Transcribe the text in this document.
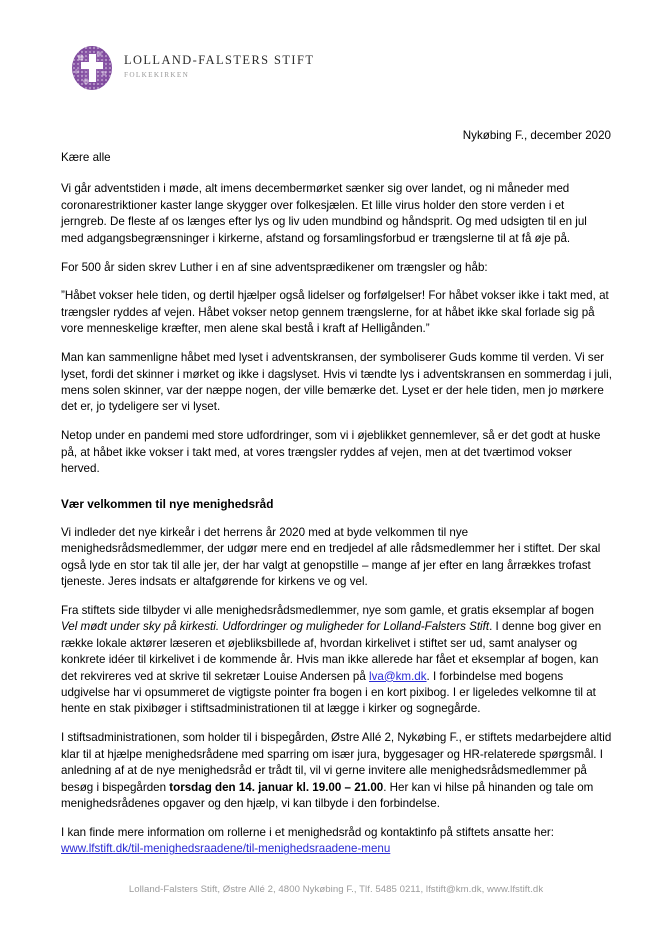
LOLLAND-FALSTERS STIFT
FOLKEKIRKEN
Nykøbing F., december 2020

Kære alle

Vi går adventstiden i møde, alt imens decembermørket sænker sig over landet, og ni måneder med coronarestriktioner kaster lange skygger over folkesjælen. Et lille virus holder den store verden i et jerngreb. De fleste af os længes efter lys og liv uden mundbind og håndsprit. Og med udsigten til en jul med adgangsbegrænsninger i kirkerne, afstand og forsamlingsforbud er trængslerne til at få øje på.

For 500 år siden skrev Luther i en af sine adventsprædikener om trængsler og håb:

”Håbet vokser hele tiden, og dertil hjælper også lidelser og forfølgelser! For håbet vokser ikke i takt med, at trængsler ryddes af vejen. Håbet vokser netop gennem trængslerne, for at håbet ikke skal forlade sig på vore menneskelige kræfter, men alene skal bestå i kraft af Helligånden.”

Man kan sammenligne håbet med lyset i adventskransen, der symboliserer Guds komme til verden. Vi ser lyset, fordi det skinner i mørket og ikke i dagslyset. Hvis vi tændte lys i adventskransen en sommerdag i juli, mens solen skinner, var der næppe nogen, der ville bemærke det. Lyset er der hele tiden, men jo mørkere det er, jo tydeligere ser vi lyset.

Netop under en pandemi med store udfordringer, som vi i øjeblikket gennemlever, så er det godt at huske på, at håbet ikke vokser i takt med, at vores trængsler ryddes af vejen, men at det tværtimod vokser herved.

Vær velkommen til nye menighedsråd

Vi indleder det nye kirkeår i det herrens år 2020 med at byde velkommen til nye menighedsrådsmedlemmer, der udgør mere end en tredjedel af alle rådsmedlemmer her i stiftet. Der skal også lyde en stor tak til alle jer, der har valgt at genopstille – mange af jer efter en lang årrækkes trofast tjeneste. Jeres indsats er altafgørende for kirkens ve og vel.

Fra stiftets side tilbyder vi alle menighedsrådsmedlemmer, nye som gamle, et gratis eksemplar af bogen Vel mødt under sky på kirkesti. Udfordringer og muligheder for Lolland-Falsters Stift. I denne bog giver en række lokale aktører læseren et øjebliksbillede af, hvordan kirkelivet i stiftet ser ud, samt analyser og konkrete idéer til kirkelivet i de kommende år. Hvis man ikke allerede har fået et eksemplar af bogen, kan det rekvireres ved at skrive til sekretær Louise Andersen på lva@km.dk. I forbindelse med bogens udgivelse har vi opsummeret de vigtigste pointer fra bogen i en kort pixibog. I er ligeledes velkomne til at hente en stak pixibøger i stiftsadministrationen til at lægge i kirker og sognegårde.

I stiftsadministrationen, som holder til i bispegården, Østre Allé 2, Nykøbing F., er stiftets medarbejdere altid klar til at hjælpe menighedsrådene med sparring om især jura, byggesager og HR-relaterede spørgsmål. I anledning af at de nye menighedsråd er trådt til, vil vi gerne invitere alle menighedsrådsmedlemmer på besøg i bispegården torsdag den 14. januar kl. 19.00 – 21.00. Her kan vi hilse på hinanden og tale om menighedsrådenes opgaver og den hjælp, vi kan tilbyde i den forbindelse.

I kan finde mere information om rollerne i et menighedsråd og kontaktinfo på stiftets ansatte her: www.lfstift.dk/til-menighedsraadene/til-menighedsraadene-menu

Lolland-Falsters Stift, Østre Allé 2, 4800 Nykøbing F., Tlf. 5485 0211, lfstift@km.dk, www.lfstift.dk
